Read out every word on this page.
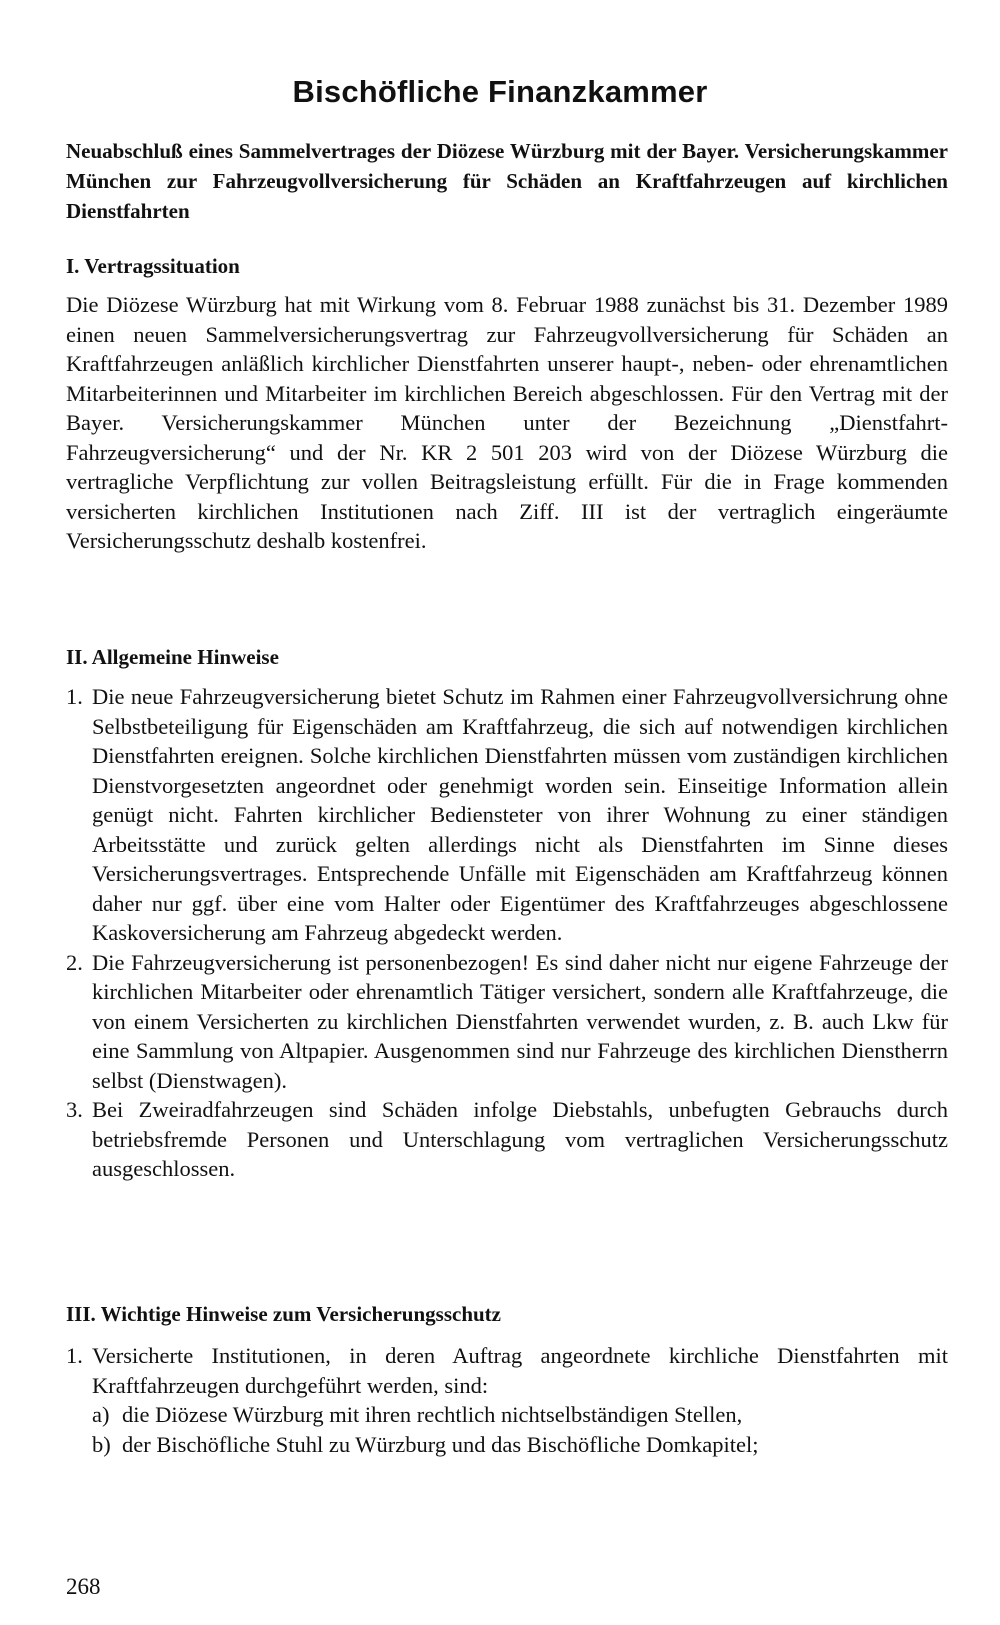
Bischöfliche Finanzkammer
Neuabschluß eines Sammelvertrages der Diözese Würzburg mit der Bayer. Versicherungskammer München zur Fahrzeugvollversicherung für Schäden an Kraftfahrzeugen auf kirchlichen Dienstfahrten
I. Vertragssituation
Die Diözese Würzburg hat mit Wirkung vom 8. Februar 1988 zunächst bis 31. Dezember 1989 einen neuen Sammelversicherungsvertrag zur Fahrzeugvollversicherung für Schäden an Kraftfahrzeugen anläßlich kirchlicher Dienstfahrten unserer haupt-, neben- oder ehrenamtlichen Mitarbeiterinnen und Mitarbeiter im kirchlichen Bereich abgeschlossen. Für den Vertrag mit der Bayer. Versicherungskammer München unter der Bezeichnung „Dienstfahrt-Fahrzeugversicherung“ und der Nr. KR 2 501 203 wird von der Diözese Würzburg die vertragliche Verpflichtung zur vollen Beitragsleistung erfüllt. Für die in Frage kommenden versicherten kirchlichen Institutionen nach Ziff. III ist der vertraglich eingeräumte Versicherungsschutz deshalb kostenfrei.
II. Allgemeine Hinweise
1. Die neue Fahrzeugversicherung bietet Schutz im Rahmen einer Fahrzeugvollversichrung ohne Selbstbeteiligung für Eigenschäden am Kraftfahrzeug, die sich auf notwendigen kirchlichen Dienstfahrten ereignen. Solche kirchlichen Dienstfahrten müssen vom zuständigen kirchlichen Dienstvorgesetzten angeordnet oder genehmigt worden sein. Einseitige Information allein genügt nicht. Fahrten kirchlicher Bediensteter von ihrer Wohnung zu einer ständigen Arbeitsstätte und zurück gelten allerdings nicht als Dienstfahrten im Sinne dieses Versicherungsvertrages. Entsprechende Unfälle mit Eigenschäden am Kraftfahrzeug können daher nur ggf. über eine vom Halter oder Eigentümer des Kraftfahrzeuges abgeschlossene Kaskoversicherung am Fahrzeug abgedeckt werden.
2. Die Fahrzeugversicherung ist personenbezogen! Es sind daher nicht nur eigene Fahrzeuge der kirchlichen Mitarbeiter oder ehrenamtlich Tätiger versichert, sondern alle Kraftfahrzeuge, die von einem Versicherten zu kirchlichen Dienstfahrten verwendet wurden, z. B. auch Lkw für eine Sammlung von Altpapier. Ausgenommen sind nur Fahrzeuge des kirchlichen Dienstherrn selbst (Dienstwagen).
3. Bei Zweiradfahrzeugen sind Schäden infolge Diebstahls, unbefugten Gebrauchs durch betriebsfremde Personen und Unterschlagung vom vertraglichen Versicherungsschutz ausgeschlossen.
III. Wichtige Hinweise zum Versicherungsschutz
1. Versicherte Institutionen, in deren Auftrag angeordnete kirchliche Dienstfahrten mit Kraftfahrzeugen durchgeführt werden, sind:
a) die Diözese Würzburg mit ihren rechtlich nichtselbständigen Stellen,
b) der Bischöfliche Stuhl zu Würzburg und das Bischöfliche Domkapitel;
268
